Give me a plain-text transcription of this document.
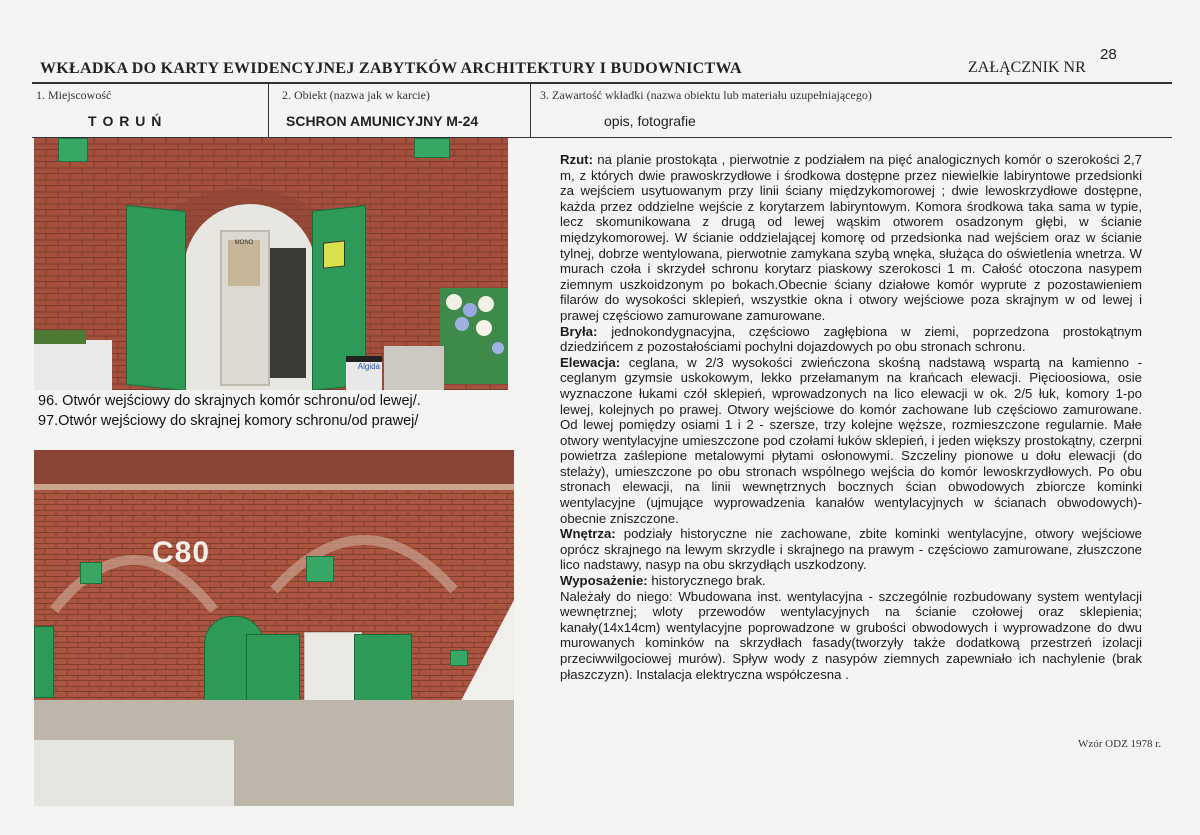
WKŁADKA DO KARTY EWIDENCYJNEJ ZABYTKÓW ARCHITEKTURY I BUDOWNICTWA	ZAŁĄCZNIK NR
28
1. Miejscowość
T O R U Ń
2. Obiekt (nazwa jak w karcie)
SCHRON AMUNICYJNY M-24
3. Zawartość wkładki (nazwa obiektu lub materiału uzupełniającego)
opis, fotografie
MONO
Algida
96. Otwór wejściowy do skrajnych komór schronu/od lewej/.
97.Otwór wejściowy do skrajnej komory schronu/od prawej/
C80

Rzut: na planie prostokąta , pierwotnie z podziałem na pięć analogicznych komór o szerokości 2,7 m, z których dwie prawoskrzydłowe i środkowa dostępne przez niewielkie labiryntowe przedsionki za wejściem usytuowanym przy linii ściany międzykomorowej ; dwie lewoskrzydłowe dostępne, każda przez oddzielne wejście z korytarzem labiryntowym. Komora środkowa taka sama w typie, lecz skomunikowana z drugą od lewej wąskim otworem osadzonym głębi, w ścianie międzykomorowej. W ścianie oddzielającej komorę od przedsionka nad wejściem oraz w ścianie tylnej, dobrze wentylowana, pierwotnie zamykana szybą wnęka, służąca do oświetlenia wnetrza. W murach czoła i skrzydeł schronu korytarz piaskowy szerokosci 1 m. Całość otoczona nasypem ziemnym uszkoidzonym po bokach.Obecnie ściany działowe komór wyprute z pozostawieniem filarów do wysokości sklepień, wszystkie okna i otwory wejściowe poza skrajnym w od lewej i prawej częściowo zamurowane zamurowane.

Bryła: jednokondygnacyjna, częściowo zagłębiona w ziemi, poprzedzona prostokątnym dziedzińcem z pozostałościami pochylni dojazdowych po obu stronach schronu.

Elewacja: ceglana, w 2/3 wysokości zwieńczona skośną nadstawą wspartą na kamienno -ceglanym gzymsie uskokowym, lekko przełamanym na krańcach elewacji. Pięcioosiowa, osie wyznaczone łukami czół sklepień, wprowadzonych na lico elewacji w ok. 2/5 łuk, komory 1-po lewej, kolejnych po prawej. Otwory wejściowe do komór zachowane lub częściowo zamurowane. Od lewej pomiędzy osiami 1 i 2 - szersze, trzy kolejne węższe, rozmieszczone regularnie. Małe otwory wentylacyjne umieszczone pod czołami łuków sklepień, i jeden większy prostokątny, czerpni powietrza zaślepione metalowymi płytami osłonowymi. Szczeliny pionowe u dołu elewacji (do stelaży), umieszczone po obu stronach wspólnego wejścia do komór lewoskrzydłowych. Po obu stronach elewacji, na linii wewnętrznych bocznych ścian obwodowych zbiorcze kominki wentylacyjne (ujmujące wyprowadzenia kanałów wentylacyjnych w ścianach obwodowych)- obecnie zniszczone.

Wnętrza: podziały historyczne nie zachowane, zbite kominki wentylacyjne, otwory wejściowe oprócz skrajnego na lewym skrzydle i skrajnego na prawym - częściowo zamurowane, złuszczone lico nadstawy, nasyp na obu skrzydłąch uszkodzony.

Wyposażenie: historycznego brak.

Należały do niego: Wbudowana inst. wentylacyjna - szczególnie rozbudowany system wentylacji wewnętrznej; wloty przewodów wentylacyjnych na ścianie czołowej oraz sklepienia; kanały(14x14cm) wentylacyjne poprowadzone w grubości obwodowych i wyprowadzone do dwu murowanych kominków na skrzydłach fasady(tworzyły także dodatkową przestrzeń izolacji przeciwwilgociowej murów). Spływ wody z nasypów ziemnych zapewniało ich nachylenie (brak płaszczyzn). Instalacja elektryczna współczesna .

Wzór ODZ 1978 r.
